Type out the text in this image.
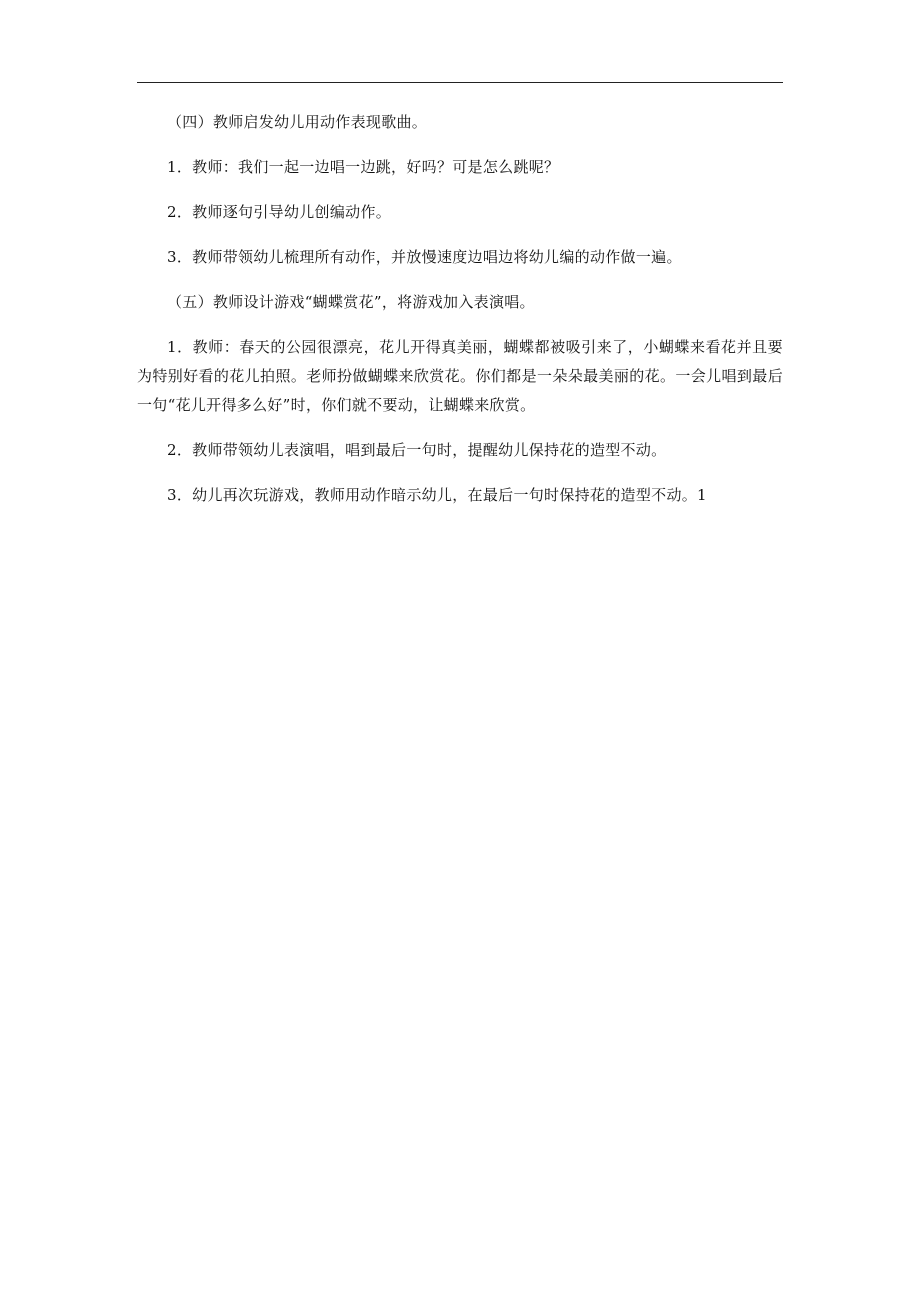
（四）教师启发幼儿用动作表现歌曲。

1．教师：我们一起一边唱一边跳，好吗？可是怎么跳呢？

2．教师逐句引导幼儿创编动作。

3．教师带领幼儿梳理所有动作，并放慢速度边唱边将幼儿编的动作做一遍。

（五）教师设计游戏“蝴蝶赏花”，将游戏加入表演唱。

1．教师：春天的公园很漂亮，花儿开得真美丽，蝴蝶都被吸引来了，小蝴蝶来看花并且要为特别好看的花儿拍照。老师扮做蝴蝶来欣赏花。你们都是一朵朵最美丽的花。一会儿唱到最后一句“花儿开得多么好”时，你们就不要动，让蝴蝶来欣赏。

2．教师带领幼儿表演唱，唱到最后一句时，提醒幼儿保持花的造型不动。

3．幼儿再次玩游戏，教师用动作暗示幼儿，在最后一句时保持花的造型不动。1
